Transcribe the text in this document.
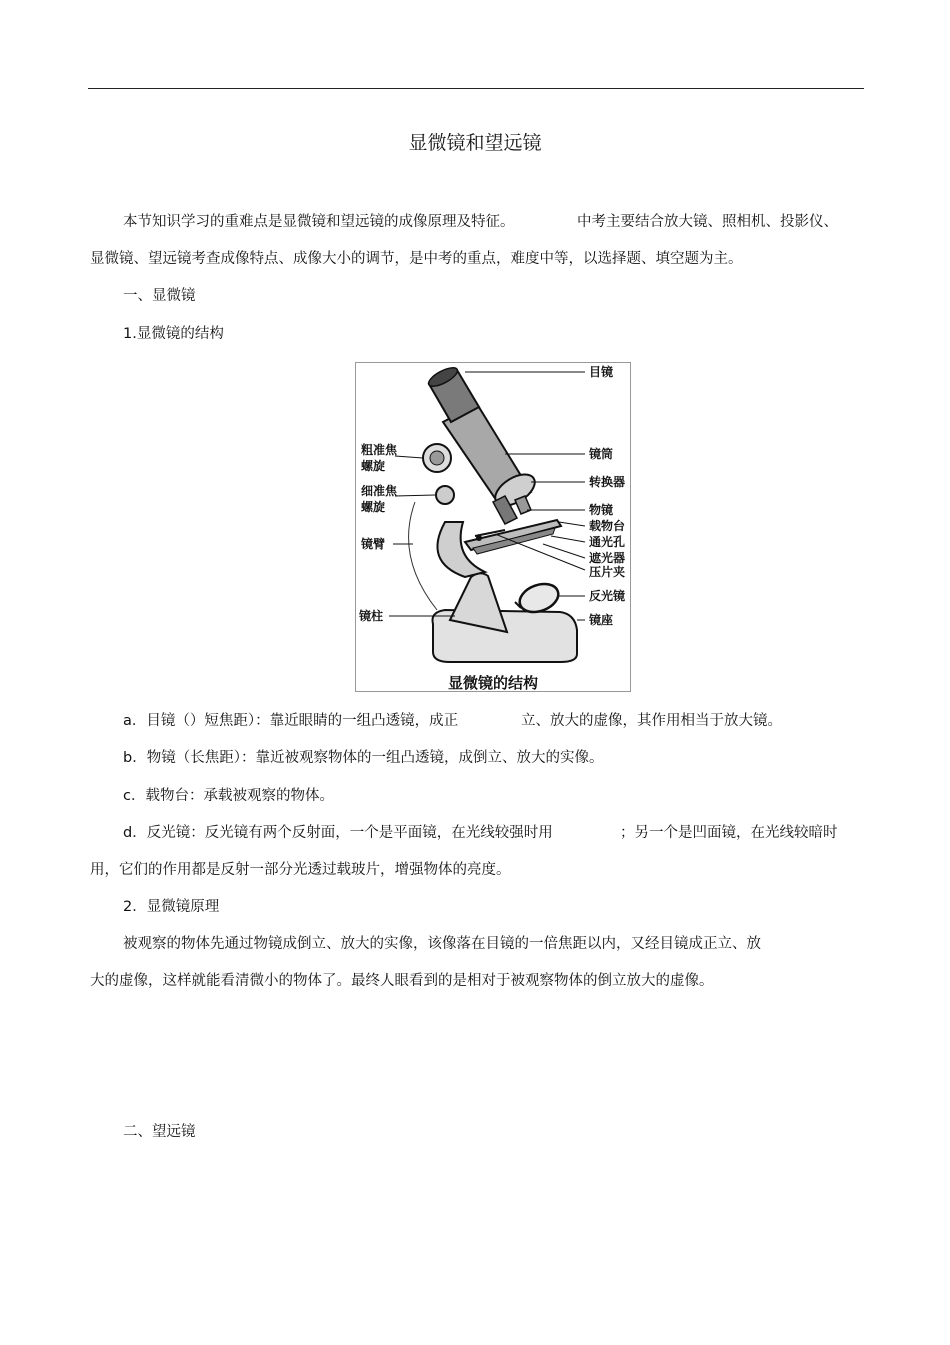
显微镜和望远镜
本节知识学习的重难点是显微镜和望远镜的成像原理及特征。	中考主要结合放大镜、照相机、投影仪、
显微镜、望远镜考查成像特点、成像大小的调节，是中考的重点，难度中等，以选择题、填空题为主。
一、显微镜
1.显微镜的结构
目镜
镜筒
转换器
物镜
载物台
通光孔
遮光器
压片夹
反光镜
镜座
粗准焦
螺旋
细准焦
螺旋
镜臂
镜柱
显微镜的结构
a．目镜（）短焦距）：靠近眼睛的一组凸透镜，成正	立、放大的虚像，其作用相当于放大镜。
b．物镜（长焦距）：靠近被观察物体的一组凸透镜，成倒立、放大的实像。
c．载物台：承载被观察的物体。
d．反光镜：反光镜有两个反射面，一个是平面镜，在光线较强时用	；另一个是凹面镜，在光线较暗时
用，它们的作用都是反射一部分光透过载玻片，增强物体的亮度。
2．显微镜原理
被观察的物体先通过物镜成倒立、放大的实像，该像落在目镜的一倍焦距以内，又经目镜成正立、放
大的虚像，这样就能看清微小的物体了。最终人眼看到的是相对于被观察物体的倒立放大的虚像。
二、望远镜
